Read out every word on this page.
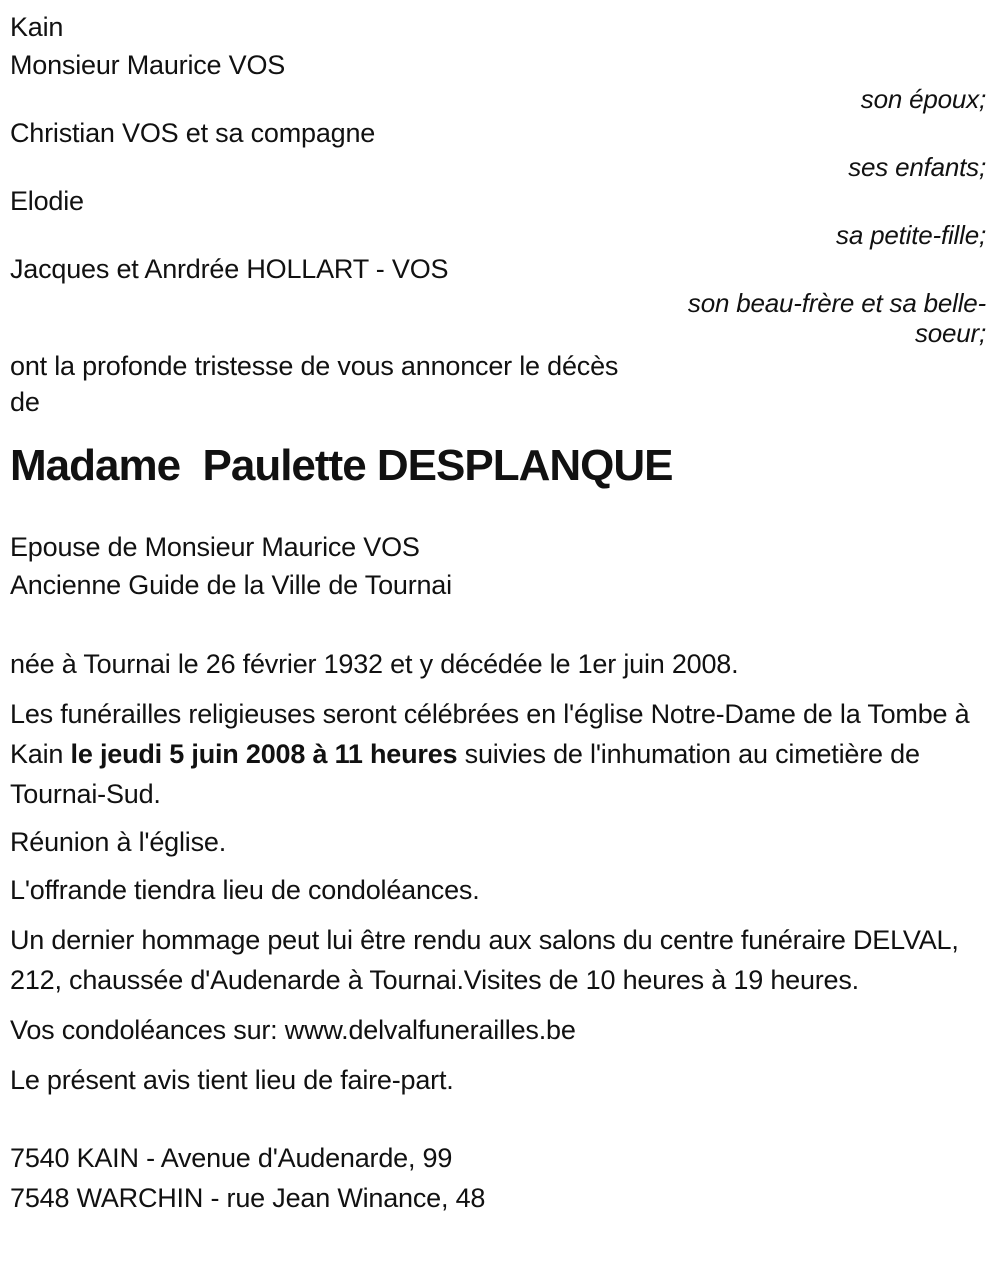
Kain
Monsieur Maurice VOS
son époux;
Christian VOS et sa compagne
ses enfants;
Elodie
sa petite-fille;
Jacques et Anrdrée HOLLART - VOS
son beau-frère et sa belle-soeur;
ont la profonde tristesse de vous annoncer le décès
de
Madame  Paulette DESPLANQUE
Epouse de Monsieur Maurice VOS
Ancienne Guide de la Ville de Tournai

née à Tournai le 26 février 1932 et y décédée le 1er juin 2008.

Les funérailles religieuses seront célébrées en l'église Notre-Dame de la Tombe à Kain le jeudi 5 juin 2008 à 11 heures suivies de l'inhumation au cimetière de Tournai-Sud.

Réunion à l'église.

L'offrande tiendra lieu de condoléances.

Un dernier hommage peut lui être rendu aux salons du centre funéraire DELVAL, 212, chaussée d'Audenarde à Tournai.Visites de 10 heures à 19 heures.

Vos condoléances sur: www.delvalfunerailles.be

Le présent avis tient lieu de faire-part.

7540 KAIN - Avenue d'Audenarde, 99
7548 WARCHIN - rue Jean Winance, 48
